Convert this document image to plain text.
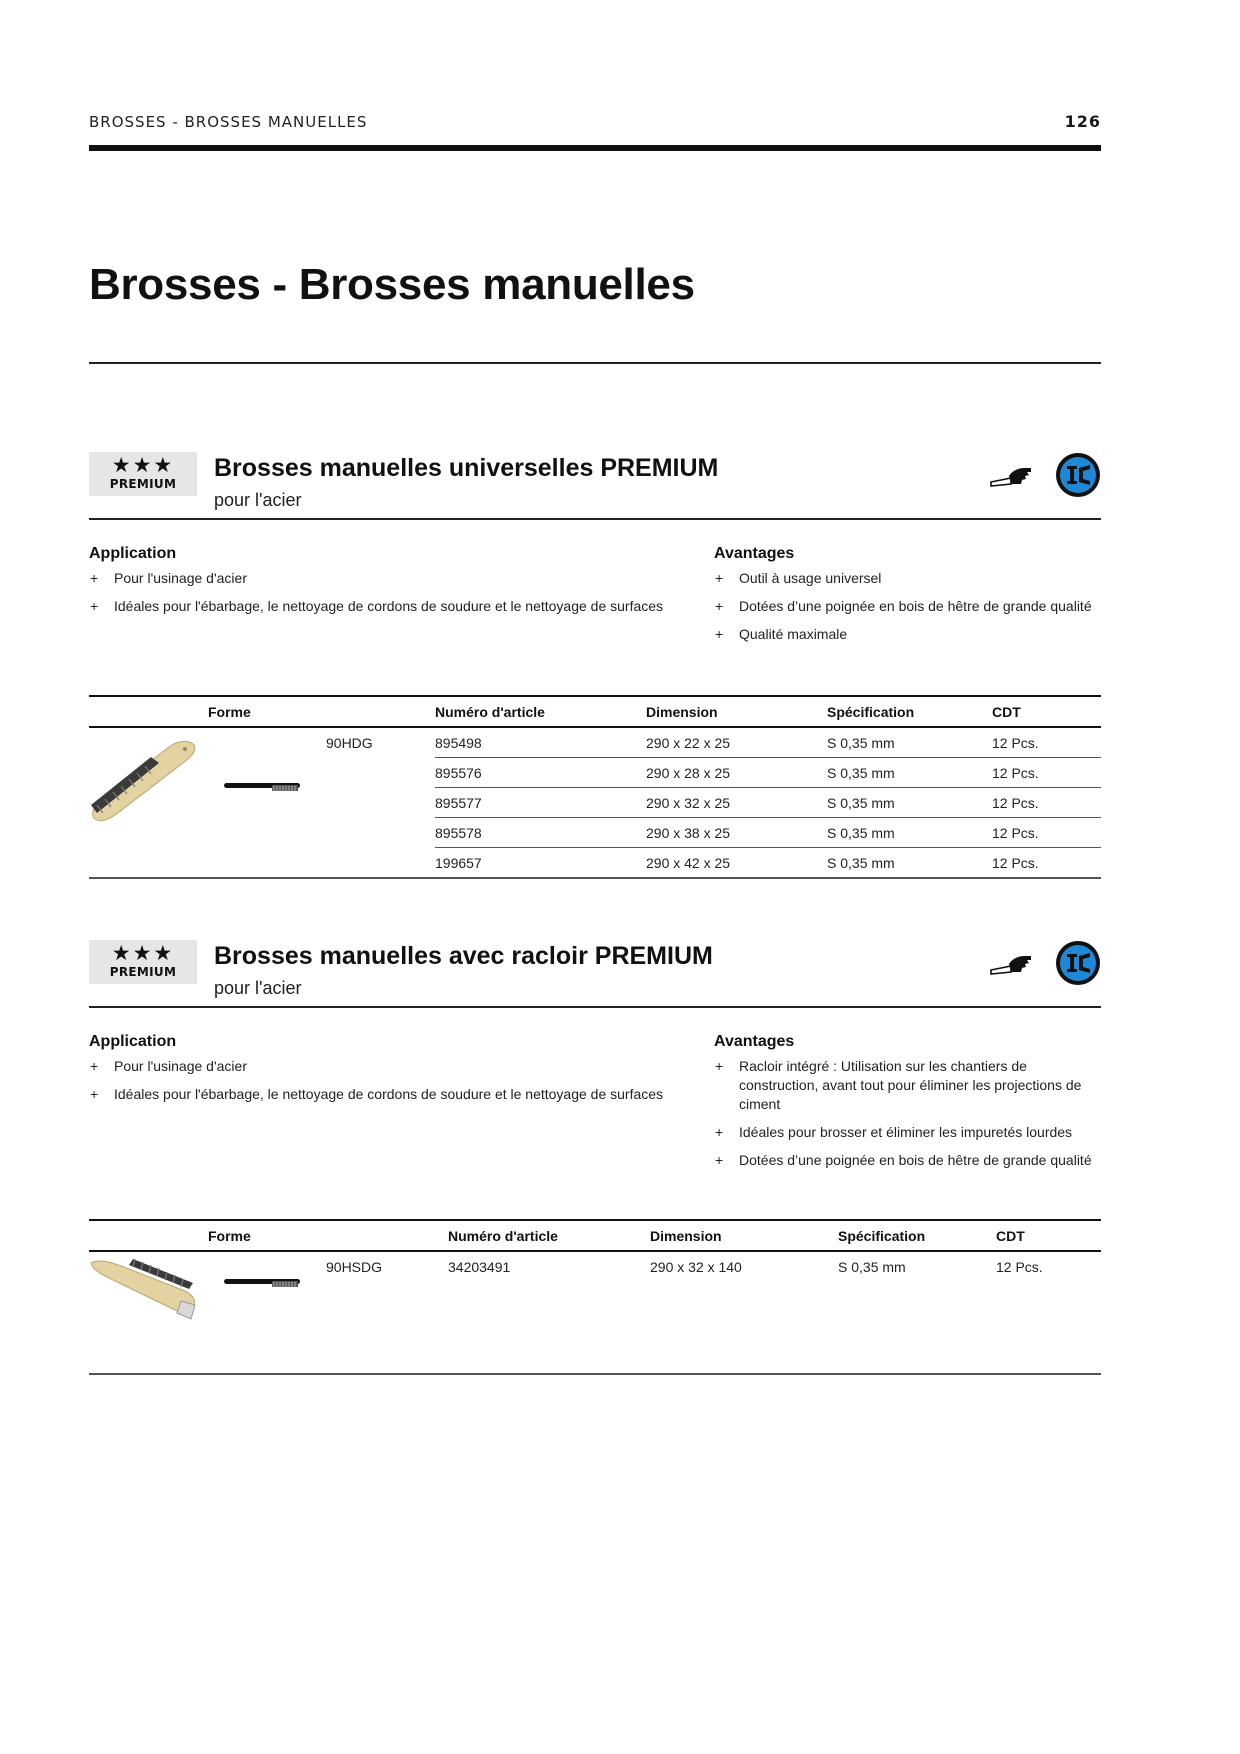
BROSSES - BROSSES MANUELLES	126
Brosses - Brosses manuelles
★★★
PREMIUM
Brosses manuelles universelles PREMIUM
pour l'acier
Application
+ Pour l'usinage d'acier
+ Idéales pour l'ébarbage, le nettoyage de cordons de soudure et le nettoyage de surfaces
Avantages
+ Outil à usage universel
+ Dotées d’une poignée en bois de hêtre de grande qualité
+ Qualité maximale
Forme	Numéro d'article	Dimension	Spécification	CDT
90HDG	895498	290 x 22 x 25	S 0,35 mm	12 Pcs.
895576	290 x 28 x 25	S 0,35 mm	12 Pcs.
895577	290 x 32 x 25	S 0,35 mm	12 Pcs.
895578	290 x 38 x 25	S 0,35 mm	12 Pcs.
199657	290 x 42 x 25	S 0,35 mm	12 Pcs.
★★★
PREMIUM
Brosses manuelles avec racloir PREMIUM
pour l'acier
Application
+ Pour l'usinage d'acier
+ Idéales pour l'ébarbage, le nettoyage de cordons de soudure et le nettoyage de surfaces
Avantages
+ Racloir intégré : Utilisation sur les chantiers de construction, avant tout pour éliminer les projections de ciment
+ Idéales pour brosser et éliminer les impuretés lourdes
+ Dotées d’une poignée en bois de hêtre de grande qualité
Forme	Numéro d'article	Dimension	Spécification	CDT
90HSDG	34203491	290 x 32 x 140	S 0,35 mm	12 Pcs.
